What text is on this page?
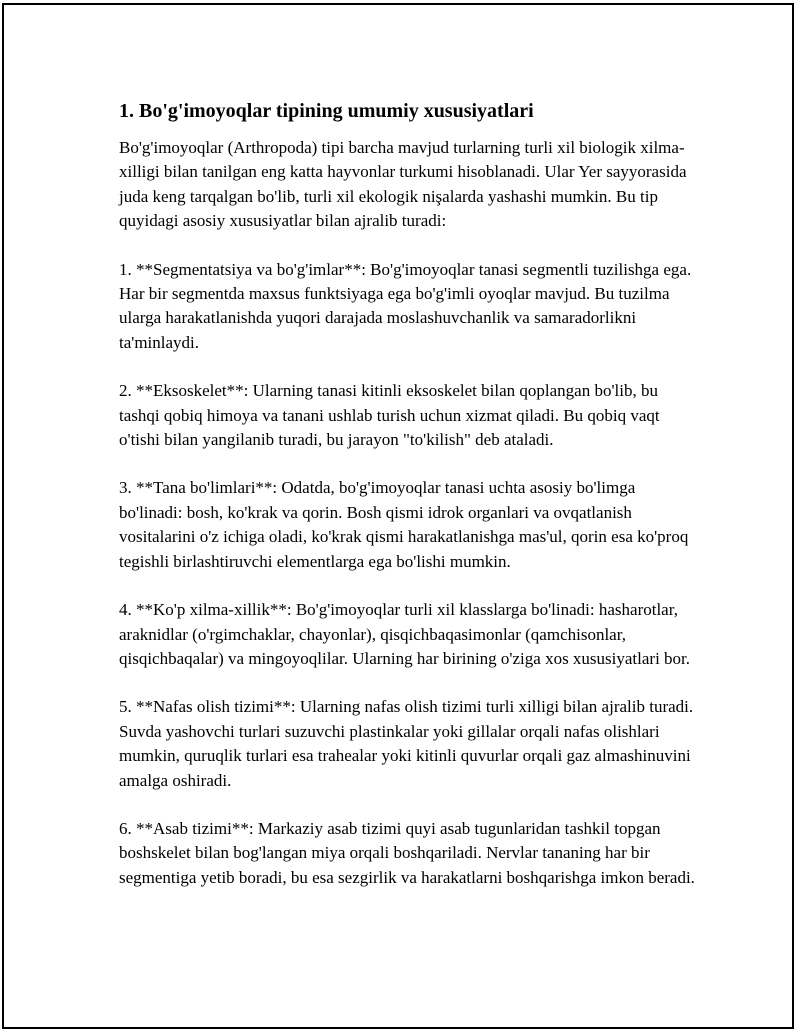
1. Bo'g'imoyoqlar tipining umumiy xususiyatlari

Bo'g'imoyoqlar (Arthropoda) tipi barcha mavjud turlarning turli xil biologik xilma-xilligi bilan tanilgan eng katta hayvonlar turkumi hisoblanadi. Ular Yer sayyorasida juda keng tarqalgan bo'lib, turli xil ekologik nişalarda yashashi mumkin. Bu tip quyidagi asosiy xususiyatlar bilan ajralib turadi:

1. **Segmentatsiya va bo'g'imlar**: Bo'g'imoyoqlar tanasi segmentli tuzilishga ega. Har bir segmentda maxsus funktsiyaga ega bo'g'imli oyoqlar mavjud. Bu tuzilma ularga harakatlanishda yuqori darajada moslashuvchanlik va samaradorlikni ta'minlaydi.

2. **Eksoskelet**: Ularning tanasi kitinli eksoskelet bilan qoplangan bo'lib, bu tashqi qobiq himoya va tanani ushlab turish uchun xizmat qiladi. Bu qobiq vaqt o'tishi bilan yangilanib turadi, bu jarayon "to'kilish" deb ataladi.

3. **Tana bo'limlari**: Odatda, bo'g'imoyoqlar tanasi uchta asosiy bo'limga bo'linadi: bosh, ko'krak va qorin. Bosh qismi idrok organlari va ovqatlanish vositalarini o'z ichiga oladi, ko'krak qismi harakatlanishga mas'ul, qorin esa ko'proq tegishli birlashtiruvchi elementlarga ega bo'lishi mumkin.

4. **Ko'p xilma-xillik**: Bo'g'imoyoqlar turli xil klasslarga bo'linadi: hasharotlar, araknidlar (o'rgimchaklar, chayonlar), qisqichbaqasimonlar (qamchisonlar, qisqichbaqalar) va mingoyoqlilar. Ularning har birining o'ziga xos xususiyatlari bor.

5. **Nafas olish tizimi**: Ularning nafas olish tizimi turli xilligi bilan ajralib turadi. Suvda yashovchi turlari suzuvchi plastinkalar yoki gillalar orqali nafas olishlari mumkin, quruqlik turlari esa trahealar yoki kitinli quvurlar orqali gaz almashinuvini amalga oshiradi.

6. **Asab tizimi**: Markaziy asab tizimi quyi asab tugunlaridan tashkil topgan boshskelet bilan bog'langan miya orqali boshqariladi. Nervlar tananing har bir segmentiga yetib boradi, bu esa sezgirlik va harakatlarni boshqarishga imkon beradi.
